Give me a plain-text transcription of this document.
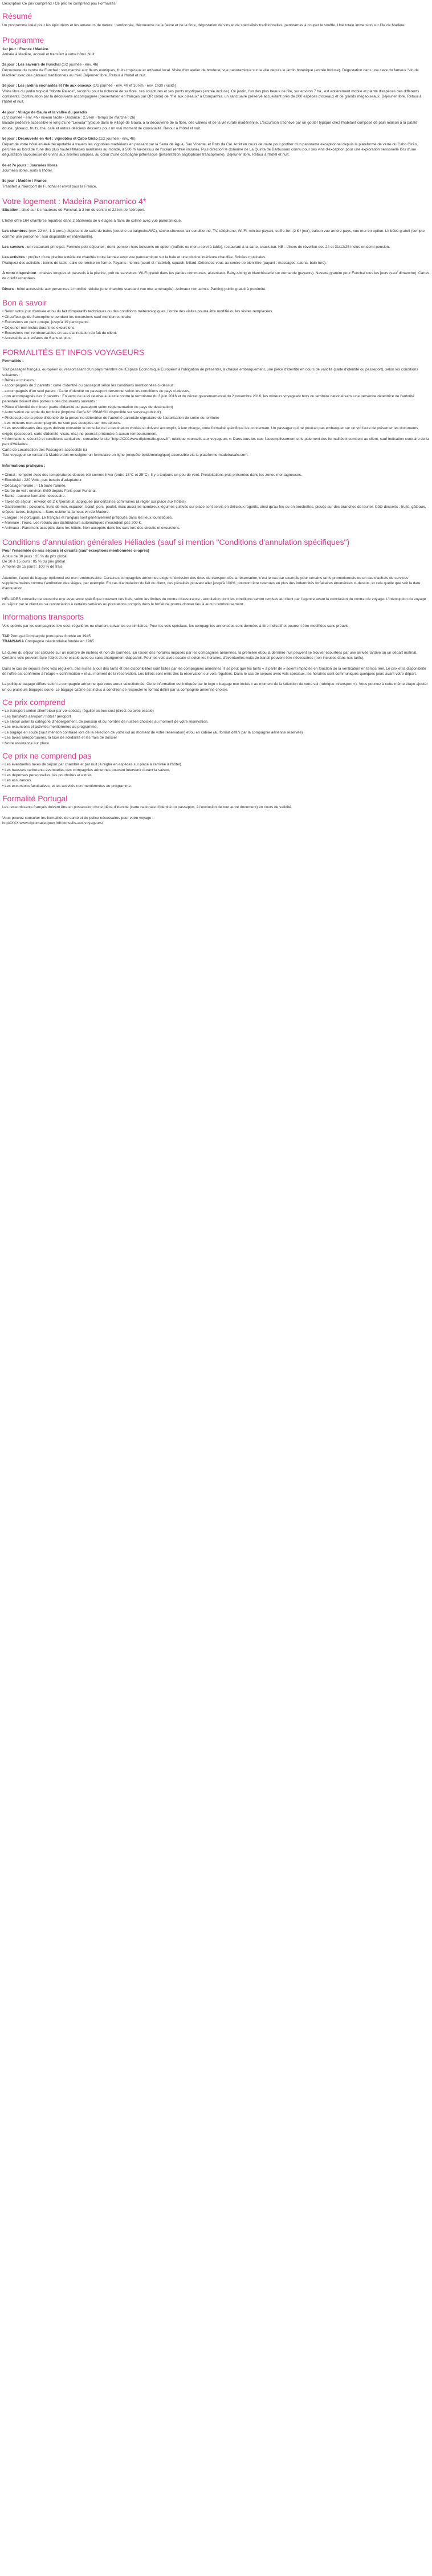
Description Ce prix comprend / Ce prix ne comprend pas Formalités
Résumé

Un programme idéal pour les épicuriens et les amateurs de nature : randonnée, découverte de la faune et de la flore, dégustation de vins et de spécialités traditionnelles, panoramas à couper le souffle. Une totale immersion sur l'île de Madère.

Programme
1er jour : France / Madère.
Arrivée à Madère, accueil et transfert à votre hôtel. Nuit.
2e jour : Les saveurs de Funchal (1/2 journée - env. 4h)
Découverte du centre de Funchal : son marché aux fleurs exotiques, fruits tropicaux et artisanal local. Visite d'un atelier de broderie, vue panoramique sur la ville depuis le jardin botanique (entrée incluse). Dégustation dans une cave du fameux "vin de Madère" avec des gâteaux traditionnels au miel. Déjeuner libre. Retour à l'hôtel et nuit.
3e jour : Les jardins enchantés et l'île aux oiseaux (1/2 journée - env. 4h et 10 km - env. 1h30 / visite)
Visite libre du jardin tropical "Monte Palace", reconnu pour la richesse de sa flore, ses sculptures et ses ponts mystiques (entrée incluse). Ce jardin, l'un des plus beaux de l'île, sur environ 7 ha., est entièrement mobile et planté d'espèces des différents continents. Continuation par la découverte accompagnée (présentation en français par QR code) de "l'île aux oiseaux" à Companhia, un sanctuaire préservé accueillant près de 200 espèces d'oiseaux et de grands mégaoiseaux. Déjeuner libre. Retour à l'hôtel et nuit.
4e jour : Village de Gaula et la vallée du paradis
(1/2 journée - env. 4h - niveau facile - Distance : 2,5 km - temps de marche : 2h)
Balade pédestre accessible le long d'une "Levada" typique dans le village de Gaula, à la découverte de la flore, des vallées et de la vie rurale madérienne. L'excursion s'achève par un goûter typique chez l'habitant composé de pain maison à la patate douce, gâteaux, fruits, thé, café et autres délicieux desserts pour un vrai moment de convivialité. Retour à l'hôtel et nuit.
5e jour : Découverte en 4x4 : vignobles et Cabo Girão (1/2 journée - env. 4h)
Départ de votre hôtel en 4x4 décapotable à travers les vignobles madériens en passant par la Serra de Água, Sao Vicente, et Roto da Cal. Arrêt en cours de route pour profiter d'un panorama exceptionnel depuis la plateforme de verre du Cabo Girão, perchée au bord de l'une des plus hautes falaises maritimes au monde, à 580 m au-dessus de l'océan (entrée incluse). Puis direction le domaine de La Quinta de Barbusano connu pour ses vins d'exception pour une exploration sensorielle lors d'une dégustation savoureuse de 6 vins aux arômes uniques, au cœur d'une compagne pittoresque (présentation anglophone francophone). Déjeuner libre. Retour à l'hôtel et nuit.
6e et 7e jours : Journées libres
Journées libres, nuits à l'hôtel.
8e jour : Madère / France
Transfert à l'aéroport de Funchal et envol pour la France.
Votre logement : Madeira Panoramico 4*

Situation : situé sur les hauteurs de Funchal, à 3 km du centre et 22 km de l'aéroport.

L'hôtel offre 164 chambres réparties dans 2 bâtiments de 6 étages à flanc de colline avec vue panoramique.

Les chambres (env. 22 m², 1-3 pers.) disposent de salle de bains (douche ou baignoire/WC), sèche-cheveux, air conditionné, TV, téléphone, Wi-Fi, minibar payant, coffre-fort (2 € / jour), balcon vue arrière-pays, vue mer en option. Lit bébé gratuit (compte comme une personne ; non disponible en individuelle).

Les saveurs : un restaurant principal. Formule petit déjeuner ; demi-pension hors boissons en option (buffets ou menu servi à table), restaurant à la carte, snack-bar. NB : dîners de réveillon des 24 et 31/12/25 inclus en demi-pension.

Les activités : profitez d'une piscine extérieure chauffée toute l'année avec vue panoramique sur la baie et une piscine intérieure chauffée. Soirées musicales.
Pratiquez des activités : tennis de table, salle de remise en forme. Payants : tennis (court et matériel), squash, billard. Détendez-vous au centre de bien-être (payant : massages, sauna, bain turc).

À votre disposition : chaises longues et parasols à la piscine, prêt de serviettes. Wi-Fi gratuit dans les parties communes, ascenseur. Baby-sitting et blanchisserie sur demande (payants). Navette gratuite pour Funchal tous les jours (sauf dimanche). Cartes de crédit acceptées.

Divers : hôtel accessible aux personnes à mobilité réduite (une chambre standard vue mer aménagée). Animaux non admis. Parking public gratuit à proximité.

Bon à savoir
• Selon votre jour d'arrivée et/ou du fait d'impératifs techniques ou des conditions météorologiques, l'ordre des visites pourra être modifié ou les visites remplacées.
• Chauffeur-guide francophone pendant les excursions sauf mention contraire
• Excursions en petit groupe, jusqu'à 19 participants.
• Déjeuner non inclus durant les excursions.
• Excursions non remboursables en cas d'annulation du fait du client.
• Accessible aux enfants de 6 ans et plus.
FORMALITÉS ET INFOS VOYAGEURS
Formalités :
Tout passager français, européen ou ressortissant d'un pays membre de l'Espace Economique Européen à l'obligation de présenter, à chaque embarquement, une pièce d'identité en cours de validité (carte d'identité ou passeport), selon les conditions suivantes :
• Bébés et mineurs :
- accompagnés de 2 parents : carte d'identité ou passeport selon les conditions mentionnées ci-dessus.
- accompagnés d'un seul parent : Carte d'identité ou passeport personnel selon les conditions du pays ci-dessus.
- non accompagnés des 2 parents : En vertu de la loi relative à la lutte contre le terrorisme du 3 juin 2016 et du décret gouvernemental du 2 novembre 2016, les mineurs voyageant hors du territoire national sans une personne détentrice de l'autorité parentale doivent être porteurs des documents suivants :
• Pièce d'identité du mineur (carte d'identité ou passeport selon réglementation du pays de destination)
• Autorisation de sortie du territoire (imprimé Cerfa N° 15646*01 disponible sur service-public.fr)
• Photocopie de la pièce d'identité de la personne détentrice de l'autorité parentale signataire de l'autorisation de sortie du territoire
- Les mineurs non accompagnés ne sont pas acceptés sur nos séjours.
• Les ressortissants étrangers doivent consulter le consulat de la destination choisie et doivent accomplir, à leur charge, toute formalité spécifique les concernant. Un passager qui ne pourrait pas embarquer sur un vol faute de présenter les documents exigés (passeport, carte d'identité, visas, etc.) ne pourrait prétendre à aucun remboursement.
• Informations, sécurité et conditions sanitaires : consultez le site "http://XXX.www.diplomatie.gouv.fr", rubrique «conseils aux voyageurs ». Dans tous les cas, l'accomplissement et le paiement des formalités incombent au client, sauf indication contraire de la part d'Héliades.
Carte de Localisation des Passagers accessible ici
Tout voyageur se rendant à Madère doit renseigner un formulaire en ligne (enquête épidémiologique) accessible via la plateforme madeirasafe.com.
Informations pratiques :
• Climat : tempéré avec des températures douces été comme hiver (entre 18°C et 25°C). Il y a toujours un peu de vent. Précipitations plus présentes dans les zones montagneuses.
• Electricité : 220 Volts, pas besoin d'adaptateur.
• Décalage horaire : - 1h toute l'année.
• Durée de vol : environ 3h30 depuis Paris pour Funchal.
• Santé : aucune formalité nécessaire.
• Taxes de séjour : environ de 2 € /pers/nuit, appliquée par certaines communes (à régler sur place aux hôtels).
• Gastronomie : poissons, fruits de mer, espadon, bœuf, porc, poulet, mais aussi les nombreux légumes cultivés sur place sont servis en délicieux ragoûts, ainsi qu'au feu ou en brochettes, piqués sur des branches de laurier. Côté desserts : fruits, gâteaux, crêpes, tartes, beignets... Sans oublier la fameux vin de Madère.
• Langue : le portugais. Le français et l'anglais sont généralement pratiqués dans les lieux touristiques.
• Monnaie : l'euro. Les retraits aux distributeurs automatiques n'excèdent pas 200 €.
• Animaux : Rarement acceptés dans les hôtels. Non acceptés dans les cars lors des circuits et excursions.
Conditions d'annulation générales Héliades (sauf si mention "Conditions d'annulation spécifiques")
Pour l'ensemble de nos séjours et circuits (sauf exceptions mentionnées ci-après)
A plus de 30 jours : 35 % du prix global
De 30 à 15 jours : 85 % du prix global
A moins de 15 jours : 100 % de frais

Attention, l'ajout de bagage optionnel est non remboursable. Certaines compagnies aériennes exigent l'émission des titres de transport dès la réservation, c'est le cas par exemple pour certains tarifs promotionnels ou en cas d'achats de services supplémentaires comme l'attribution des sièges, par exemple. En cas d'annulation du fait du client, des pénalités pouvant aller jusqu'à 100%, pourront être retenues en plus des indemnités forfaitaires énumérées ci-dessus, et cela quelle que soit la date d'annulation.

HÉLIADES conseille de souscrire une assurance spécifique couvrant ces frais, selon les limites du contrat d'assurance - annulation dont les conditions seront remises au client par l'agence avant la conclusion du contrat de voyage. L'interruption du voyage ou séjour par le client ou sa renonciation à certains services ou prestations compris dans le forfait ne pourra donner lieu à aucun remboursement.

Informations transports

Vols opérés par les compagnies low cost, régulières ou charters suivantes ou similaires. Pour les vols spéciaux, les compagnies annoncées sont données à titre indicatif et pourront être modifiées sans préavis.

TAP Portugal Compagnie portugaise fondée en 1945
TRANSAVIA Compagnie néerlandaise fondée en 1965

La durée du séjour est calculée sur un nombre de nuitées et non de journées. En raison des horaires imposés par les compagnies aériennes, la première et/ou la dernière nuit peuvent se trouver écourtées par une arrivée tardive ou un départ matinal. Certains vols peuvent faire l'objet d'une escale avec ou sans changement d'appareil. Pour les vols avec escale et selon les horaires, d'éventuelles nuits de transit peuvent être nécessaires (non incluses dans nos tarifs).

Dans le cas de séjours avec vols réguliers, des mises à jour des tarifs et des disponibilités sont faites par les compagnies aériennes. Il se peut que les tarifs « à partir de » soient impactés en fonction de la vérification en temps réel. Le prix et la disponibilité de l'offre est confirmée à l'étape « confirmation » et au moment de la réservation. Les billets sont émis dès la réservation sur vols réguliers. Dans le cas de séjours avec vols spéciaux, les horaires sont communiqués quelques jours avant votre départ.

La politique bagage diffère selon la compagnie aérienne que vous aurez sélectionnée. Cette information est indiquée par le logo « bagage non inclus » au moment de la sélection de votre vol (rubrique «transport »). Vous pourrez à cette même étape ajouter un ou plusieurs bagages soute. Le bagage cabine est inclus à condition de respecter le format défini par la compagnie aérienne choisie.

Ce prix comprend
• Le transport aérien aller/retour par vol spécial, régulier ou low-cost (direct ou avec escale)
• Les transferts aéroport / hôtel / aéroport
• Le séjour selon la catégorie d'hébergement, de pension et du nombre de nuitées choisies au moment de votre réservation,
• Les excursions et activités mentionnées au programme,
• Le bagage en soute (sauf mention contraire lors de la sélection de votre vol au moment de votre réservation) et/ou en cabine (au format défini par la compagnie aérienne réservée)
• Les taxes aéroportuaires, la taxe de solidarité et les frais de dossier
• Notre assistance sur place.
Ce prix ne comprend pas
• Les éventuelles taxes de séjour par chambre et par nuit (à régler en espèces sur place à l'arrivée à l'hôtel).
• Les hausses carburants éventuelles des compagnies aériennes pouvant intervenir durant la saison.
• Les dépenses personnelles, les pourboires et extras.
• Les assurances.
• Les excursions facultatives, et les activités non mentionnées au programme.
Formalité Portugal

Les ressortissants français doivent être en possession d'une pièce d'identité (carte nationale d'identité ou passeport, à l'exclusion de tout autre document) en cours de validité.

Vous pouvez consulter les formalités de santé et de police nécessaires pour votre voyage :
httpXXXX.www.diplomatie.gouv.fr/fr/conseils-aux-voyageurs/
